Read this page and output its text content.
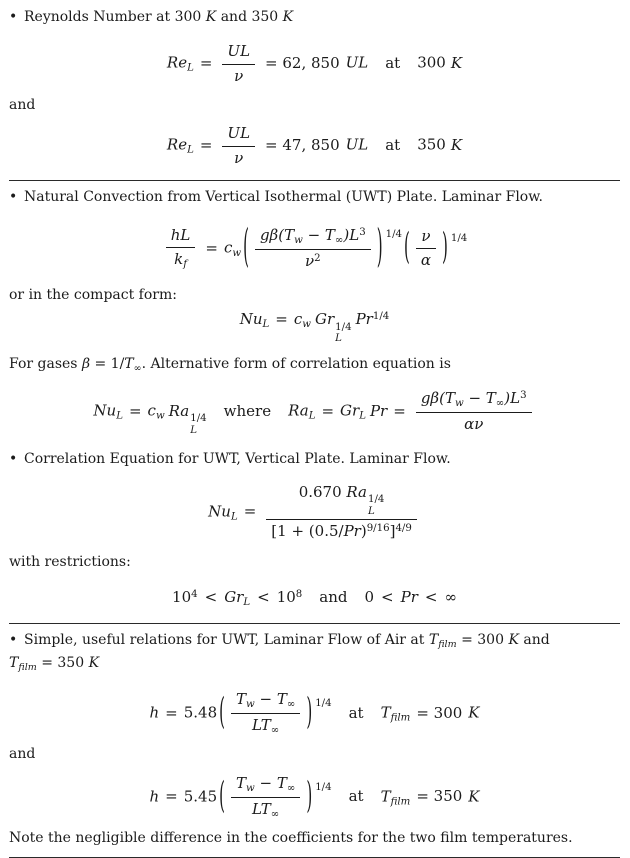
• Reynolds Number at 300 K and 350 K
$Re_L = \frac{UL}{\nu} = 62$, 850 UL at 300 K
and
$Re_L = \frac{UL}{\nu} = 47$, 850 UL at 350 K
• Natural Convection from Vertical Isothermal (UWT) Plate. Laminar Flow.
$\frac{hL}{k_f} = c_w$ ( $\frac{g\beta(T_w - T_\infty)L^3}{\nu^2}$ ) $^{1/4}$ ( $\frac{\nu}{\alpha}$ ) $^{1/4}$
or in the compact form:
$Nu_L = c_w$ Gr 1/4
L
$Pr^{1/4}$
For gases $\beta = 1/T_\infty$. Alternative form of correlation equation is
$Nu_L = c_w$ Ra 1/4
L
where $Ra_L = Gr_L$ $Pr = \frac{g\beta(T_w - T_\infty)L^3}{\alpha\nu}$
• Correlation Equation for UWT, Vertical Plate. Laminar Flow.
$Nu_L = 0.670$ Ra 1/4
L
$[1 + (0.5/Pr)^{9/16}]^{4/9}$
with restrictions:
$10^4 < Gr_L < 10^8$ and 0 < Pr < ∞
• Simple, useful relations for UWT, Laminar Flow of Air at $T_{film} = 300$ K and
$T_{film} = 350$ K
h = 5.48 ( $\frac{T_w - T_\infty}{LT_\infty}$ ) $^{1/4}$at $T_{film} = 300$ K
and
h = 5.45 ( $\frac{T_w - T_\infty}{LT_\infty}$ ) $^{1/4}$at $T_{film} = 350$ K
Note the negligible difference in the coefficients for the two film temperatures.
